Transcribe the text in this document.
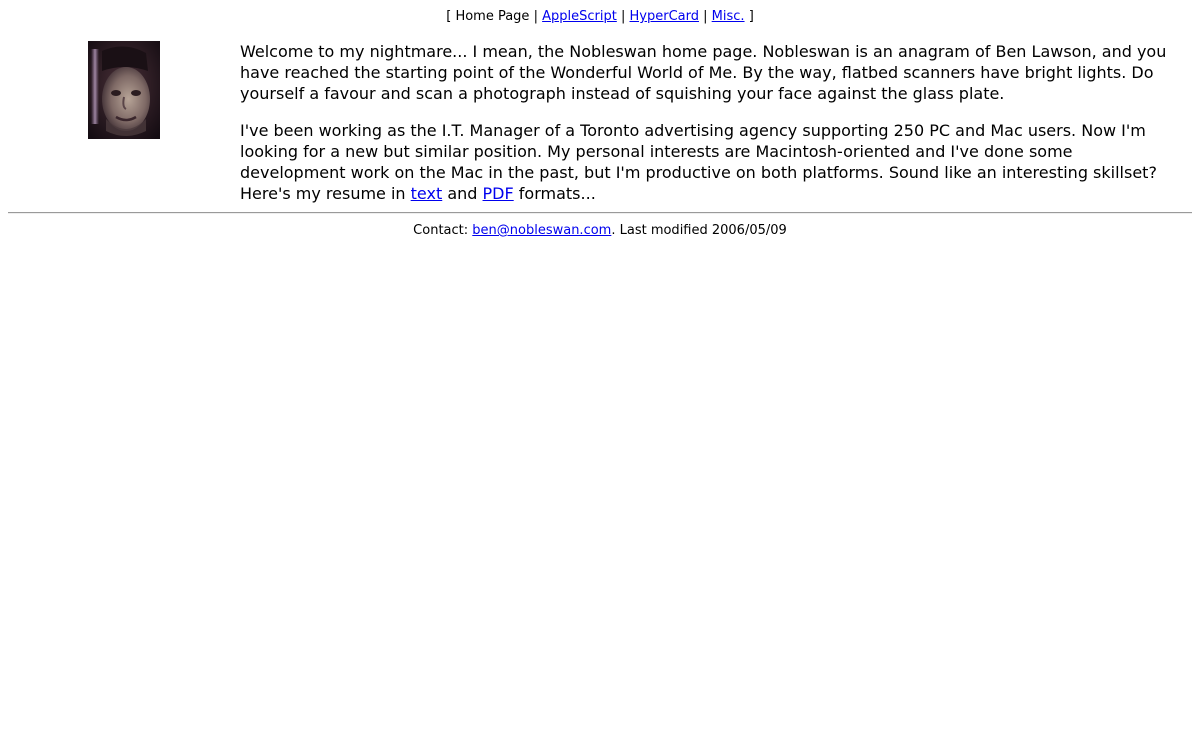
[ Home Page | AppleScript | HyperCard | Misc. ]

Welcome to my nightmare... I mean, the Nobleswan home page. Nobleswan is an anagram of Ben Lawson, and you have reached the starting point of the Wonderful World of Me. By the way, flatbed scanners have bright lights. Do yourself a favour and scan a photograph instead of squishing your face against the glass plate.

I've been working as the I.T. Manager of a Toronto advertising agency supporting 250 PC and Mac users. Now I'm looking for a new but similar position. My personal interests are Macintosh-oriented and I've done some development work on the Mac in the past, but I'm productive on both platforms. Sound like an interesting skillset? Here's my resume in text and PDF formats...

Contact: ben@nobleswan.com. Last modified 2006/05/09
